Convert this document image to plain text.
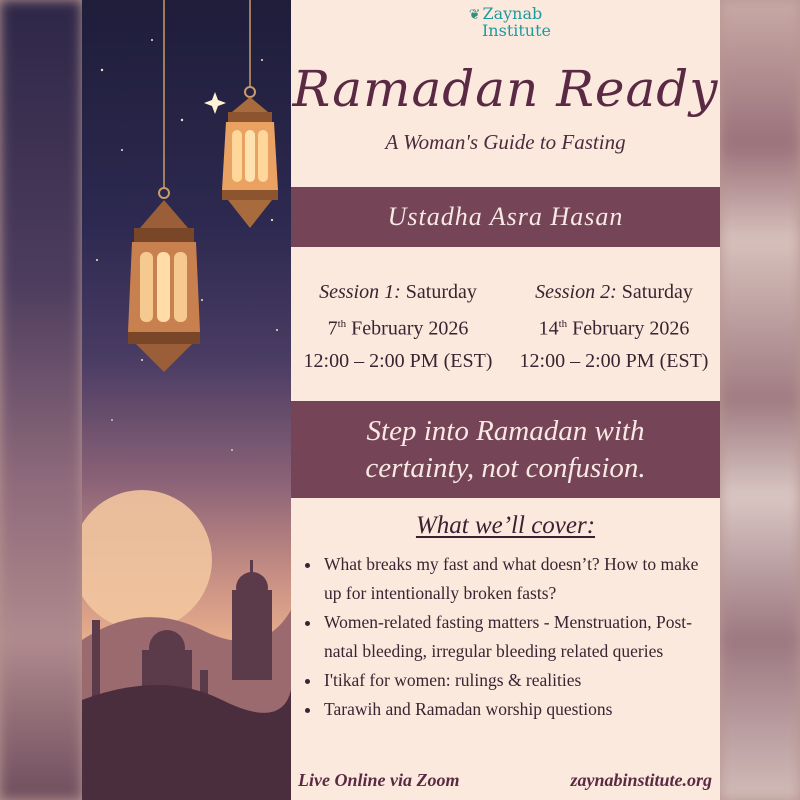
❦ Zaynab
Institute
Ramadan Ready
A Woman's Guide to Fasting
Ustadha Asra Hasan
Session 1: Saturday
7th February 2026
12:00 – 2:00 PM (EST)
Session 2: Saturday
14th February 2026
12:00 – 2:00 PM (EST)
Step into Ramadan with
certainty, not confusion.
What we’ll cover:
• What breaks my fast and what doesn’t? How to make up for intentionally broken fasts?
• Women-related fasting matters - Menstruation, Post- natal bleeding, irregular bleeding related queries
• I'tikaf for women: rulings & realities
• Tarawih and Ramadan worship questions
Live Online via Zoom	zaynabinstitute.org
